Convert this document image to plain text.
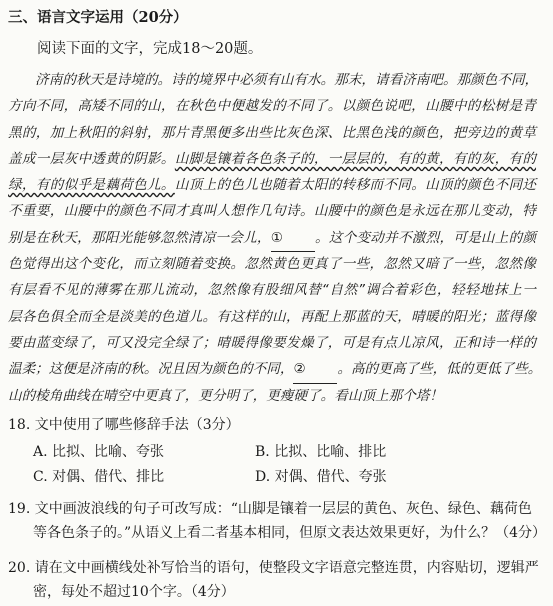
三、语言文字运用（20分）
阅读下面的文字，完成18～20题。
　　济南的秋天是诗境的。诗的境界中必须有山有水。那末，请看济南吧。那颜色不同，
方向不同，高矮不同的山，在秋色中便越发的不同了。以颜色说吧，山腰中的松树是青
黑的，加上秋阳的斜射，那片青黑便多出些比灰色深、比黑色浅的颜色，把旁边的黄草
盖成一层灰中透黄的阴影。山脚是镶着各色条子的，一层层的，有的黄，有的灰，有的
绿，有的似乎是藕荷色儿。山顶上的色儿也随着太阳的转移而不同。山顶的颜色不同还
不重要，山腰中的颜色不同才真叫人想作几句诗。山腰中的颜色是永远在那儿变动，特
别是在秋天，那阳光能够忽然清凉一会儿，① 。这个变动并不激烈，可是山上的颜
色觉得出这个变化，而立刻随着变换。忽然黄色更真了一些，忽然又暗了一些，忽然像
有层看不见的薄雾在那儿流动，忽然像有股细风替“自然”调合着彩色，轻轻地抹上一
层各色俱全而全是淡美的色道儿。有这样的山，再配上那蓝的天，晴暖的阳光；蓝得像
要由蓝变绿了，可又没完全绿了；晴暖得像要发燥了，可是有点儿凉风，正和诗一样的
温柔；这便是济南的秋。况且因为颜色的不同，② 。高的更高了些，低的更低了些。
山的棱角曲线在晴空中更真了，更分明了，更瘦硬了。看山顶上那个塔！
18. 文中使用了哪些修辞手法（3分）
A. 比拟、比喻、夸张	B. 比拟、比喻、排比
C. 对偶、借代、排比	D. 对偶、借代、夸张
19. 文中画波浪线的句子可改写成：“山脚是镶着一层层的黄色、灰色、绿色、藕荷色
等各色条子的。”从语义上看二者基本相同，但原文表达效果更好，为什么？（4分）
20. 请在文中画横线处补写恰当的语句，使整段文字语意完整连贯，内容贴切，逻辑严
密，每处不超过10个字。（4分）
